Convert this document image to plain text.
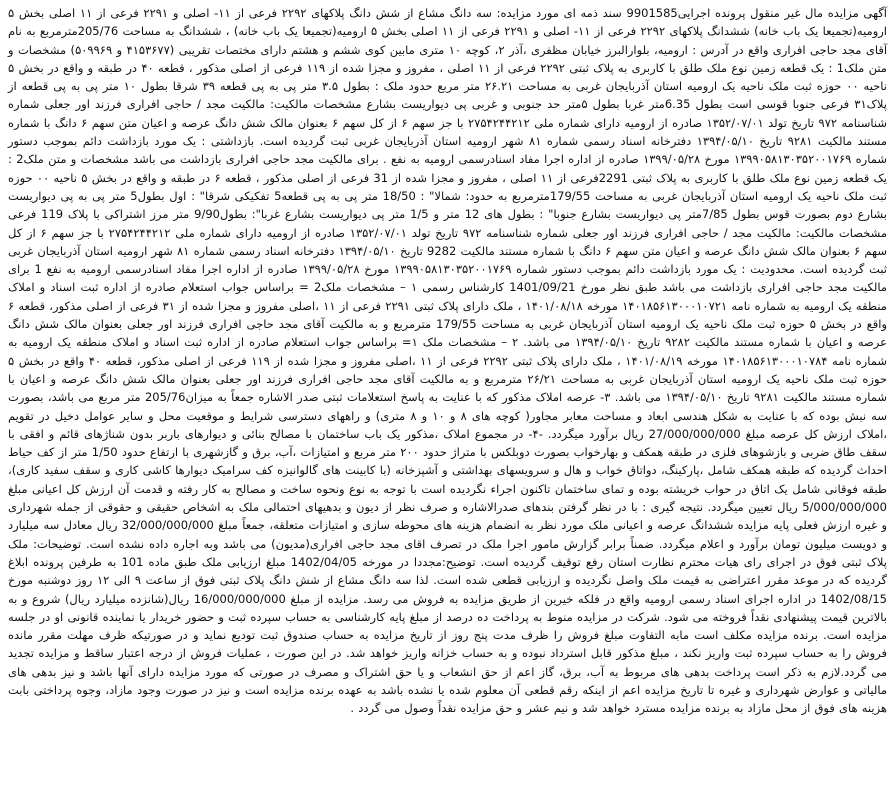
آگهی مزایده مال غیر منقول پرونده اجرایی9901585 سند ذمه ای مورد مزایده: سه دانگ مشاع از شش دانگ پلاکهای ۲۲۹۲ فرعی از ۱۱- اصلی و ۲۲۹۱ فرعی از ۱۱ اصلی بخش ۵ ارومیه(تجمیعا یک باب خانه) ششدانگ پلاکهای ۲۲۹۲ فرعی از ۱۱- اصلی و ۲۲۹۱ فرعی از ۱۱ اصلی بخش ۵ ارومیه(تجمیعا یک باب خانه) ، ششدانگ به مساحت 205/76مترمربع به نام آقای مجد حاجی افراری واقع در آدرس : ارومیه، بلوارالبرز خیابان مظفری ،آذر ۲، کوچه ۱۰ متری مابین کوی ششم و هشتم دارای مختصات تقریبی (۴۱۵۳۶۷۷ و ۵۰۹۹۶۹) مشخصات و متن ملک1 : یک قطعه زمین نوع ملک طلق با کاربری به پلاک ثبتی ۲۲۹۲ فرعی از ۱۱ اصلی ، مفروز و مجزا شده از ۱۱۹ فرعی از اصلی مذکور ، قطعه ۴۰ در طبقه و واقع در بخش ۵ ناحیه ۰۰ حوزه ثبت ملک ناحیه یک ارومیه استان آذربایجان غربی به مساحت ۲۶.۲۱ متر مربع حدود ملک : بطول ۳.۵ متر پی به پی قطعه ۳۹ شرقا بطول ۱۰ متر پی به پی قطعه از پلاک۳۱ فرعی جنوبا قوسی است بطول 6.35متر غربا بطول ۵متر حد جنوبی و غربی پی دیواریست بشارع مشخصات مالکیت: مالکیت مجد / حاجی افراری فرزند اور جعلی شماره شناسنامه ۹۷۲ تاریخ تولد ۱۳۵۲/۰۷/۰۱ صادره از ارومیه دارای شماره ملی ۲۷۵۴۲۴۴۲۱۲ با جز سهم ۶ از کل سهم ۶ بعنوان مالک شش دانگ عرصه و اعیان متن سهم ۶ دانگ با شماره مستند مالکیت ۹۲۸۱ تاریخ ۱۳۹۴/۰۵/۱۰ دفترخانه اسناد رسمی شماره ۸۱ شهر ارومیه استان آذربایجان غربی ثبت گردیده است. بازداشتی : یک مورد بازداشت دائم بموجب دستور شماره ۱۳۹۹۰۵۸۱۳۰۳۵۲۰۰۱۷۶۹ مورخ ۱۳۹۹/۰۵/۲۸ صادره از اداره اجرا مفاد اسنادرسمی ارومیه به نفع . برای مالکیت مجد حاجی افراری بازداشت می باشد مشخصات و متن ملک2 : یک قطعه زمین نوع ملک طلق با کاربری به پلاک ثبتی 2291فرعی از ۱۱ اصلی ، مفروز و مجزا شده از 31 فرعی از اصلی مذکور ، قطعه ۶ در طبقه و واقع در بخش ۵ ناحیه ۰۰ حوزه ثبت ملک ناحیه یک ارومیه استان آذربایجان غربی به مساحت 179/55مترمربع به حدود: شمالا" : 18/50 متر پی به پی قطعه5 تفکیکی شرقا" : اول بطول5 متر پی به پی دیواریست بشارع دوم بصورت قوس بطول 7/85متر پی دیواریست بشارع جنوبا" : بطول های 12 متر و 1/5 متر پی دیواریست بشارع غربا": بطول9/90 متر مرز اشتراکی با پلاک 119 فرعی مشخصات مالکیت: مالکیت مجد / حاجی افراری فرزند اور جعلی شماره شناسنامه ۹۷۲ تاریخ تولد ۱۳۵۲/۰۷/۰۱ صادره از ارومیه دارای شماره ملی ۲۷۵۴۲۴۴۲۱۲ با جز سهم ۶ از کل سهم ۶ بعنوان مالک شش دانگ عرصه و اعیان متن سهم ۶ دانگ با شماره مستند مالکیت 9282 تاریخ ۱۳۹۴/۰۵/۱۰ دفترخانه اسناد رسمی شماره ۸۱ شهر ارومیه استان آذربایجان غربی ثبت گردیده است. محدودیت : یک مورد بازداشت دائم بموجب دستور شماره ۱۳۹۹۰۵۸۱۳۰۳۵۲۰۰۱۷۶۹ مورخ ۱۳۹۹/۰۵/۲۸ صادره از اداره اجرا مفاد اسنادرسمی ارومیه به نفع 1 برای مالکیت مجد حاجی افراری بازداشت می باشد طبق نظر مورخ 1401/09/21 کارشناس رسمی ۱ – مشخصات ملک2 = براساس جواب استعلام صادره از اداره ثبت اسناد و املاک منطقه یک ارومیه به شماره نامه ۱۴۰۱۸۵۶۱۳۰۰۰۱۰۷۲۱ مورخه ۱۴۰۱/۰۸/۱۸ ، ملک دارای پلاک ثبتی ۲۲۹۱ فرعی از ۱۱ ،اصلی مفروز و مجزا شده از ۳۱ فرعی از اصلی مذکور، قطعه ۶ واقع در بخش ۵ حوزه ثبت ملک ناحیه یک ارومیه استان آذربایجان غربی به مساحت 179/55 مترمربع و به مالکیت آقای مجد حاجی افراری فرزند اور جعلی بعنوان مالک شش دانگ عرصه و اعیان با شماره مستند مالکیت ۹۲۸۲ تاریخ ۱۳۹۴/۰۵/۱۰ می باشد. ۲ – مشخصات ملک ۱= براساس جواب استعلام صادره از اداره ثبت اسناد و املاک منطقه یک ارومیه به شماره نامه ۱۴۰۱۸۵۶۱۳۰۰۰۱۰۷۸۴ مورخه ۱۴۰۱/۰۸/۱۹ ، ملک دارای پلاک ثبتی ۲۲۹۲ فرعی از ۱۱ ،اصلی مفروز و مجزا شده از ۱۱۹ فرعی از اصلی مذکور، قطعه ۴۰ واقع در بخش ۵ حوزه ثبت ملک ناحیه یک ارومیه استان آذربایجان غربی به مساحت ۲۶/۲۱ مترمربع و به مالکیت آقای مجد حاجی افراری فرزند اور جعلی بعنوان مالک شش دانگ عرصه و اعیان با شماره مستند مالکیت ۹۲۸۱ تاریخ ۱۳۹۴/۰۵/۱۰ می باشد. ۳- عرصه املاک مذکور که با عنایت به پاسخ استعلامات ثبتی صدر الاشاره جمعاً به میزان205/76 متر مربع می باشد، بصورت سه نبش بوده که با عنایت به شکل هندسی ابعاد و مساحت معابر مجاور( کوچه های ۸ و ۱۰ و ۸ متری) و راههای دسترسی شرایط و موقعیت محل و سایر عوامل دخیل در تقویم ،املاک ارزش کل عرصه مبلغ 27/000/000/000 ریال برآورد میگردد. -۴- در مجموع املاک ،مذکور یک باب ساختمان با مصالح بنائی و دیوارهای باربر بدون شناژهای قائم و افقی با سقف طاق ضربی و بازشوهای فلزی در طبقه همکف و بهارخواب بصورت دوبلکس با متراژ حدود ۲۰۰ متر مربع و امتیازات ،آب، برق و گازشهری با ارتفاع حدود 1/50 متر از کف حیاط احداث گردیده که طبقه همکف شامل ،پارکینگ، دواتاق خواب و هال و سرویسهای بهداشتی و آشپزخانه (با کابینت های گالوانیزه کف سرامیک دیوارها کاشی کاری و سقف سفید کاری)، طبقه فوقانی شامل یک اتاق در حواب خریشته بوده و تمای ساختمان تاکنون اجراء نگردیده است با توجه به نوع ونحوه ساخت و مصالح به کار رفته و قدمت آن ارزش کل اعیانی مبلغ 5/000/000/000 ریال تعیین میگردد. نتیجه گیری : با در نظر گرفتن بندهای صدرالاشاره و صرف نظر از دیون و بدهیهای احتمالی ملک به اشخاص حقیقی و حقوقی از جمله شهرداری و غیره ارزش فعلی پایه مزایده ششدانگ عرصه و اعیانی ملک مورد نظر به انضمام هزینه های محوطه سازی و امتیازات متعلقه، جمعاً مبلغ 32/000/000/000 ریال معادل سه میلیارد و دویست میلیون تومان برآورد و اعلام میگردد. ضمناً برابر گزارش مامور اجرا ملک در تصرف اقای مجد حاجی افراری(مدیون) می باشد وبه اجاره داده نشده است. توضیحات: ملک پلاک ثبتی فوق در اجرای رای هیات محترم نظارت استان رفع توقیف گردیده است. توضیح:مجددا در مورخه 1402/04/05 مبلغ ارزیابی ملک طبق ماده 101 به طرفین پرونده ابلاغ گردیده که در موعد مقرر اعتراضی به قیمت ملک واصل نگردیده و ارزیابی قطعی شده است. لذا سه دانگ مشاع از شش دانگ پلاک ثبتی فوق از ساعت ۹ الی ۱۲ روز دوشنبه مورخ 1402/08/15 در اداره اجرای اسناد رسمی ارومیه واقع در فلکه خیرین از طریق مزایده به فروش می رسد. مزایده از مبلغ 16/000/000/000 ریال(شانزده میلیارد ریال) شروع و به بالاترین قیمت پیشنهادی نقداً فروخته می شود. شرکت در مزایده منوط به پرداخت ده درصد از مبلغ پایه کارشناسی به حساب سپرده ثبت و حضور خریدار یا نماینده قانونی او در جلسه مزایده است. برنده مزایده مکلف است مابه التفاوت مبلغ فروش را ظرف مدت پنج روز از تاریخ مزایده به حساب صندوق ثبت تودیع نماید و در صورتیکه ظرف مهلت مقرر مانده فروش را به حساب سپرده ثبت واریز نکند ، مبلغ مذکور قابل استرداد نبوده و به حساب خزانه واریز خواهد شد. در این صورت ، عملیات فروش از درجه اعتبار ساقط و مزایده تجدید می گردد.لازم به ذکر است پرداخت بدهی های مربوط به آب، برق، گاز اعم از حق انشعاب و یا حق اشتراک و مصرف در صورتی که مورد مزایده دارای آنها باشد و نیز بدهی های مالیاتی و عوارض شهرداری و غیره تا تاریخ مزایده اعم از اینکه رقم قطعی آن معلوم شده یا نشده باشد به عهده برنده مزایده است و نیز در صورت وجود مازاد، وجوه پرداختی بابت هزینه های فوق از محل مازاد به برنده مزایده مسترد خواهد شد و نیم عشر و حق مزایده نقداً وصول می گردد .
